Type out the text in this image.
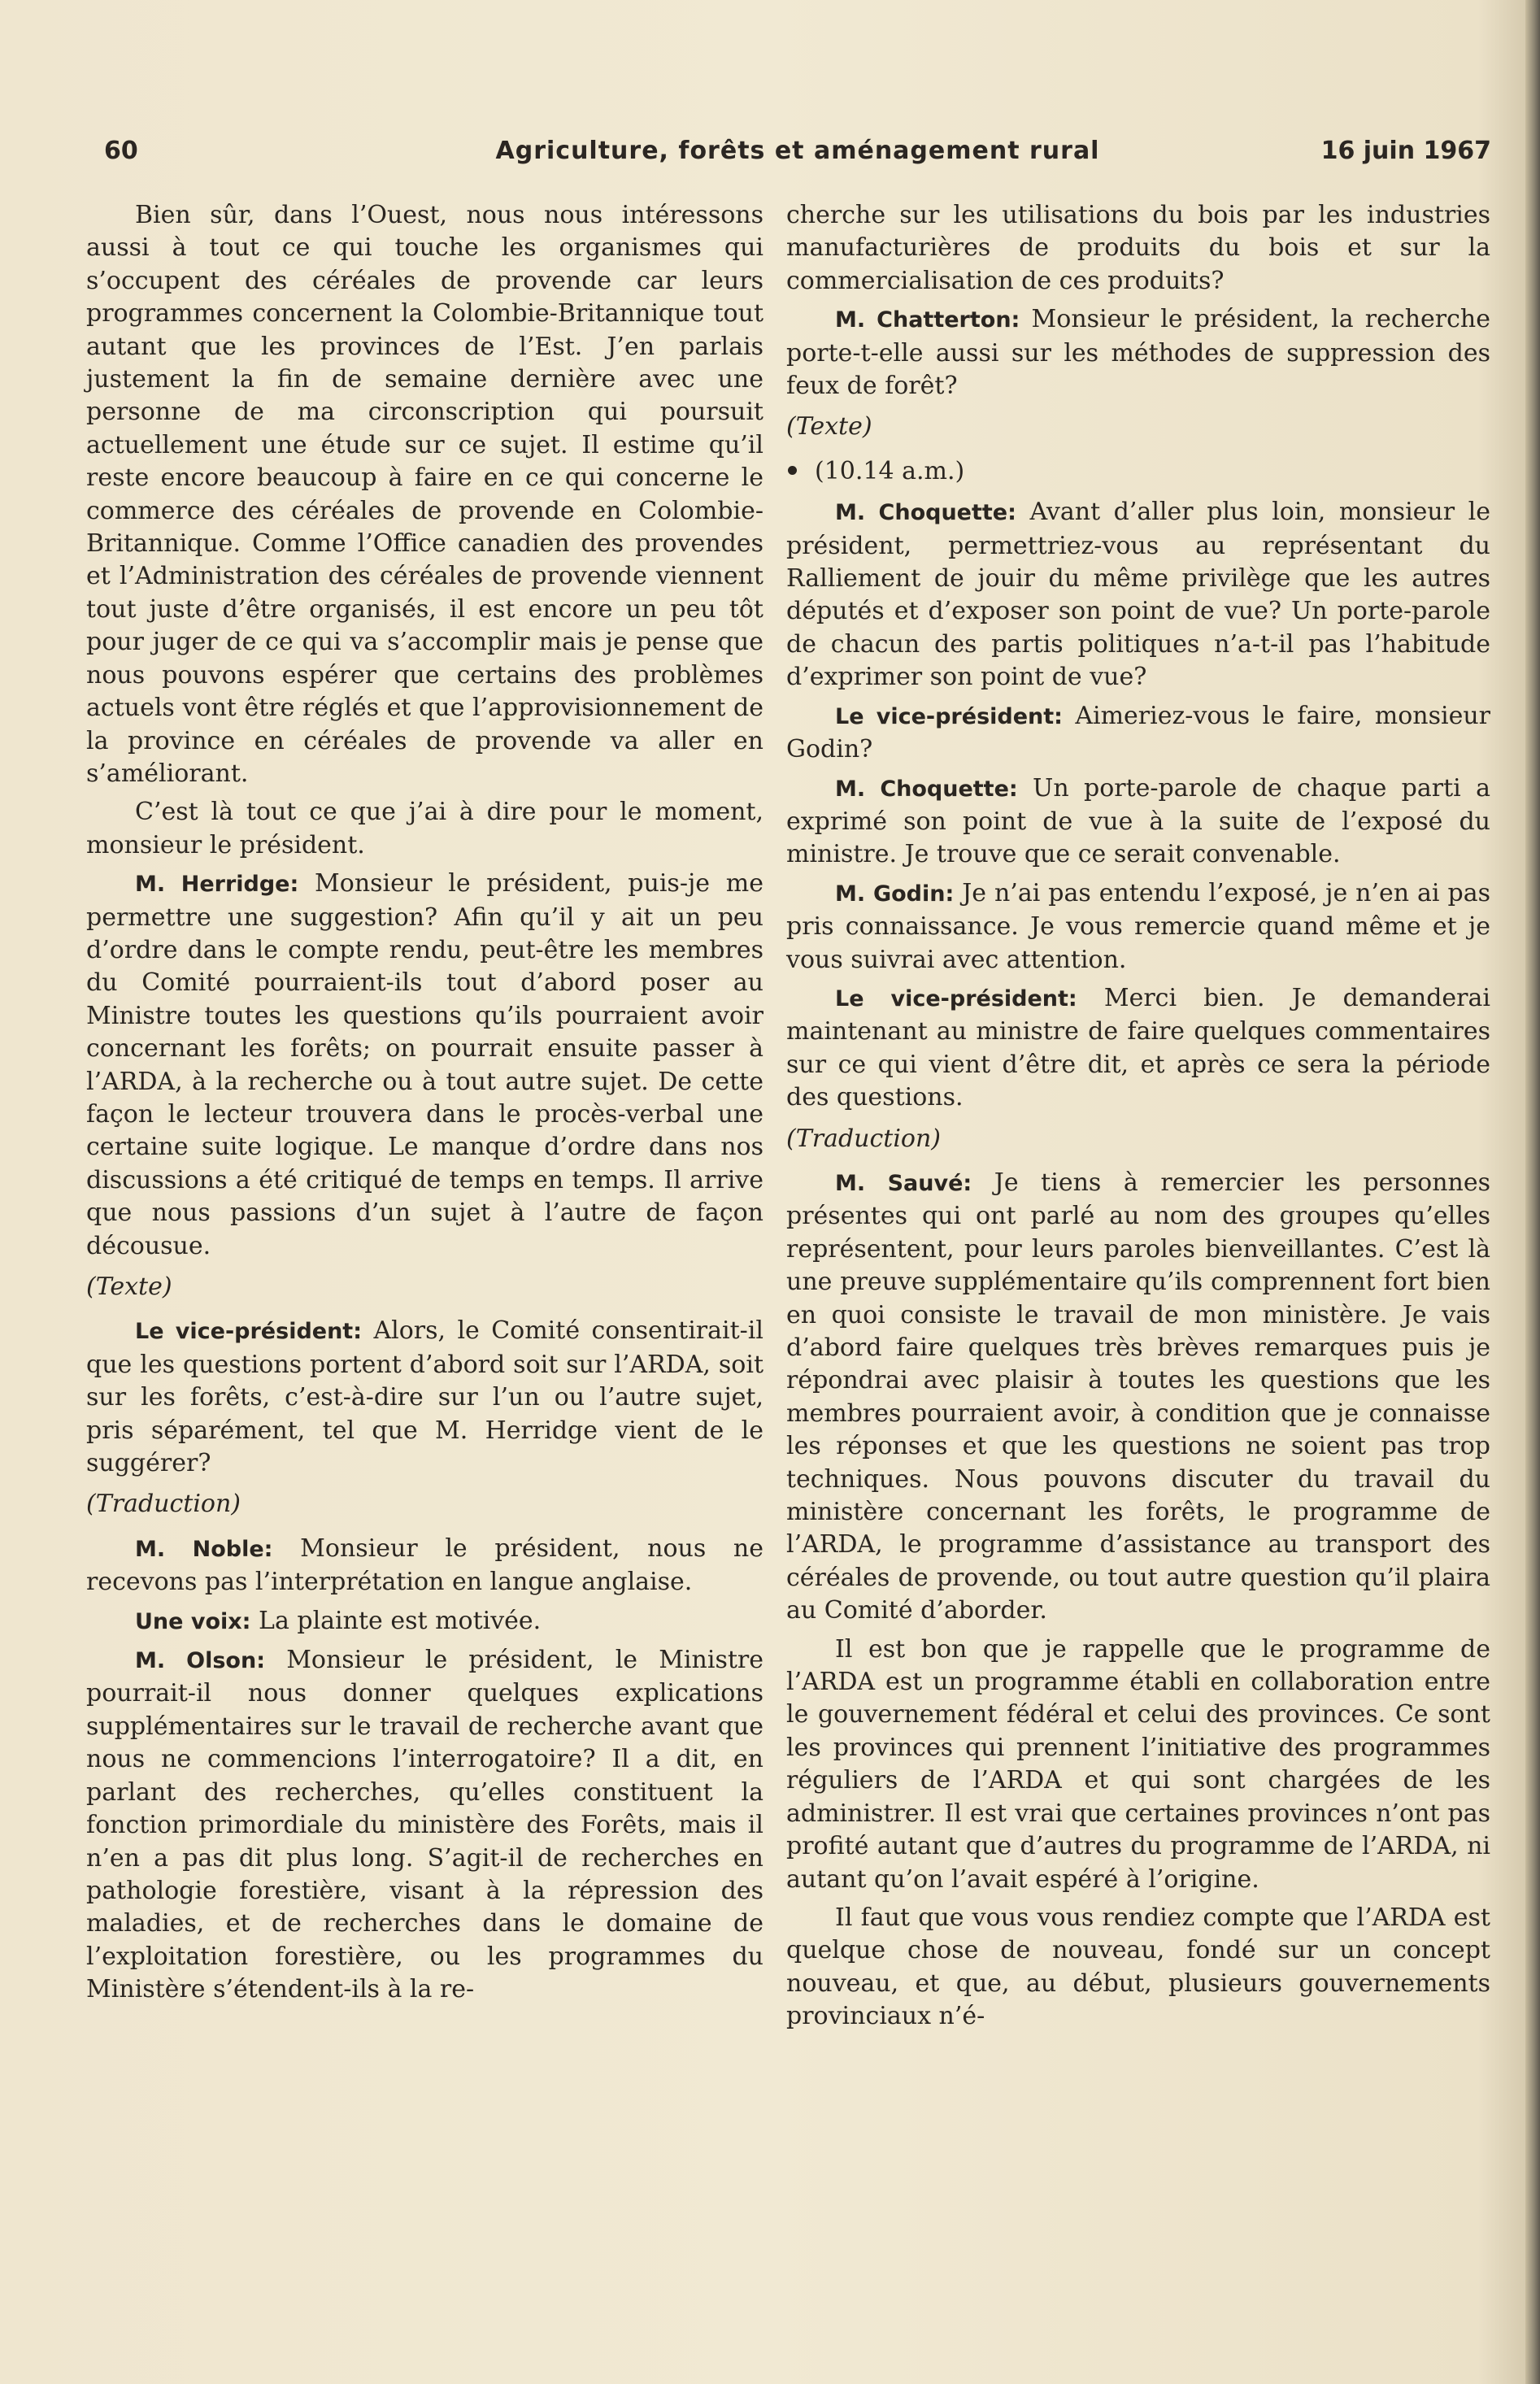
60	Agriculture, forêts et aménagement rural	16 juin 1967

Bien sûr, dans l’Ouest, nous nous intéressons aussi à tout ce qui touche les organismes qui s’occupent des céréales de provende car leurs programmes concernent la Colombie-Britannique tout autant que les provinces de l’Est. J’en parlais justement la fin de semaine dernière avec une personne de ma circonscription qui poursuit actuellement une étude sur ce sujet. Il estime qu’il reste encore beaucoup à faire en ce qui concerne le commerce des céréales de provende en Colombie-Britannique. Comme l’Office canadien des provendes et l’Administration des céréales de provende viennent tout juste d’être organisés, il est encore un peu tôt pour juger de ce qui va s’accomplir mais je pense que nous pouvons espérer que certains des problèmes actuels vont être réglés et que l’approvisionnement de la province en céréales de provende va aller en s’améliorant.

C’est là tout ce que j’ai à dire pour le moment, monsieur le président.

M. Herridge: Monsieur le président, puis-je me permettre une suggestion? Afin qu’il y ait un peu d’ordre dans le compte rendu, peut-être les membres du Comité pourraient-ils tout d’abord poser au Ministre toutes les questions qu’ils pourraient avoir concernant les forêts; on pourrait ensuite passer à l’ARDA, à la recherche ou à tout autre sujet. De cette façon le lecteur trouvera dans le procès-verbal une certaine suite logique. Le manque d’ordre dans nos discussions a été critiqué de temps en temps. Il arrive que nous passions d’un sujet à l’autre de façon décousue.

(Texte)

Le vice-président: Alors, le Comité consentirait-il que les questions portent d’abord soit sur l’ARDA, soit sur les forêts, c’est-à-dire sur l’un ou l’autre sujet, pris séparément, tel que M. Herridge vient de le suggérer?

(Traduction)

M. Noble: Monsieur le président, nous ne recevons pas l’interprétation en langue anglaise.

Une voix: La plainte est motivée.

M. Olson: Monsieur le président, le Ministre pourrait-il nous donner quelques explications supplémentaires sur le travail de recherche avant que nous ne commencions l’interrogatoire? Il a dit, en parlant des recherches, qu’elles constituent la fonction primordiale du ministère des Forêts, mais il n’en a pas dit plus long. S’agit-il de recherches en pathologie forestière, visant à la répression des maladies, et de recherches dans le domaine de l’exploitation forestière, ou les programmes du Ministère s’étendent-ils à la re-

cherche sur les utilisations du bois par les industries manufacturières de produits du bois et sur la commercialisation de ces produits?

M. Chatterton: Monsieur le président, la recherche porte-t-elle aussi sur les méthodes de suppression des feux de forêt?

(Texte)

(10.14 a.m.)

M. Choquette: Avant d’aller plus loin, monsieur le président, permettriez-vous au représentant du Ralliement de jouir du même privilège que les autres députés et d’exposer son point de vue? Un porte-parole de chacun des partis politiques n’a-t-il pas l’habitude d’exprimer son point de vue?

Le vice-président: Aimeriez-vous le faire, monsieur Godin?

M. Choquette: Un porte-parole de chaque parti a exprimé son point de vue à la suite de l’exposé du ministre. Je trouve que ce serait convenable.

M. Godin: Je n’ai pas entendu l’exposé, je n’en ai pas pris connaissance. Je vous remercie quand même et je vous suivrai avec attention.

Le vice-président: Merci bien. Je demanderai maintenant au ministre de faire quelques commentaires sur ce qui vient d’être dit, et après ce sera la période des questions.

(Traduction)

M. Sauvé: Je tiens à remercier les personnes présentes qui ont parlé au nom des groupes qu’elles représentent, pour leurs paroles bienveillantes. C’est là une preuve supplémentaire qu’ils comprennent fort bien en quoi consiste le travail de mon ministère. Je vais d’abord faire quelques très brèves remarques puis je répondrai avec plaisir à toutes les questions que les membres pourraient avoir, à condition que je connaisse les réponses et que les questions ne soient pas trop techniques. Nous pouvons discuter du travail du ministère concernant les forêts, le programme de l’ARDA, le programme d’assistance au transport des céréales de provende, ou tout autre question qu’il plaira au Comité d’aborder.

Il est bon que je rappelle que le programme de l’ARDA est un programme établi en collaboration entre le gouvernement fédéral et celui des provinces. Ce sont les provinces qui prennent l’initiative des programmes réguliers de l’ARDA et qui sont chargées de les administrer. Il est vrai que certaines provinces n’ont pas profité autant que d’autres du programme de l’ARDA, ni autant qu’on l’avait espéré à l’origine.

Il faut que vous vous rendiez compte que l’ARDA est quelque chose de nouveau, fondé sur un concept nouveau, et que, au début, plusieurs gouvernements provinciaux n’é-
